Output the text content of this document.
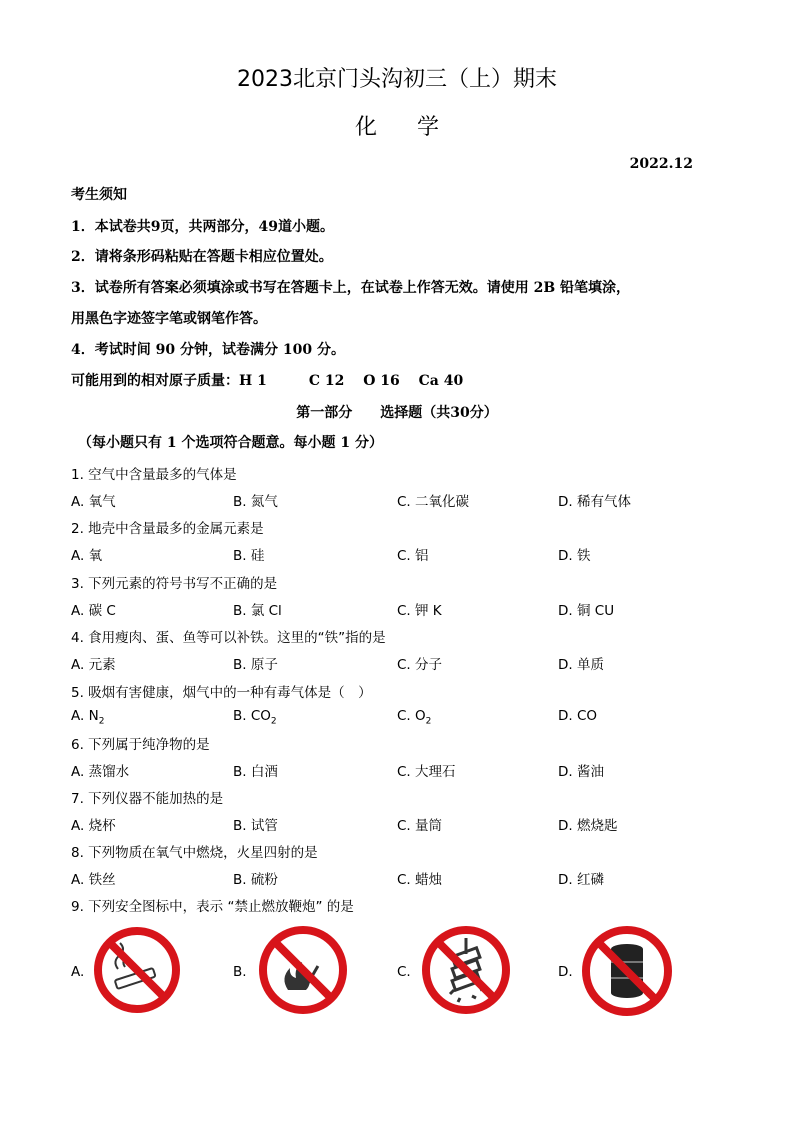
2023北京门头沟初三（上）期末
化学
2022.12
考生须知
1．本试卷共9页，共两部分，49道小题。
2．请将条形码粘贴在答题卡相应位置处。
3．试卷所有答案必须填涂或书写在答题卡上，在试卷上作答无效。请使用 2B 铅笔填涂，
用黑色字迹签字笔或钢笔作答。
4．考试时间 90 分钟，试卷满分 100 分。
可能用到的相对原子质量：H 1　　　C 12　 O 16　 Ca 40
第一部分　　选择题（共30分）
（每小题只有 1 个选项符合题意。每小题 1 分）
1. 空气中含量最多的气体是
A. 氧气	B. 氮气	C. 二氧化碳	D. 稀有气体
2. 地壳中含量最多的金属元素是
A. 氧	B. 硅	C. 铝	D. 铁
3. 下列元素的符号书写不正确的是
A. 碳 C	B. 氯 Cl	C. 钾 K	D. 铜 CU
4. 食用瘦肉、蛋、鱼等可以补铁。这里的“铁”指的是
A. 元素	B. 原子	C. 分子	D. 单质
5. 吸烟有害健康，烟气中的一种有毒气体是（　）
A. $N_2$	B. $CO_2$	C. $O_2$	D. CO
6. 下列属于纯净物的是
A. 蒸馏水	B. 白酒	C. 大理石	D. 酱油
7. 下列仪器不能加热的是
A. 烧杯	B. 试管	C. 量筒	D. 燃烧匙
8. 下列物质在氧气中燃烧，火星四射的是
A. 铁丝	B. 硫粉	C. 蜡烛	D. 红磷
9. 下列安全图标中，表示 “禁止燃放鞭炮” 的是
A.	B.	C.	D.
